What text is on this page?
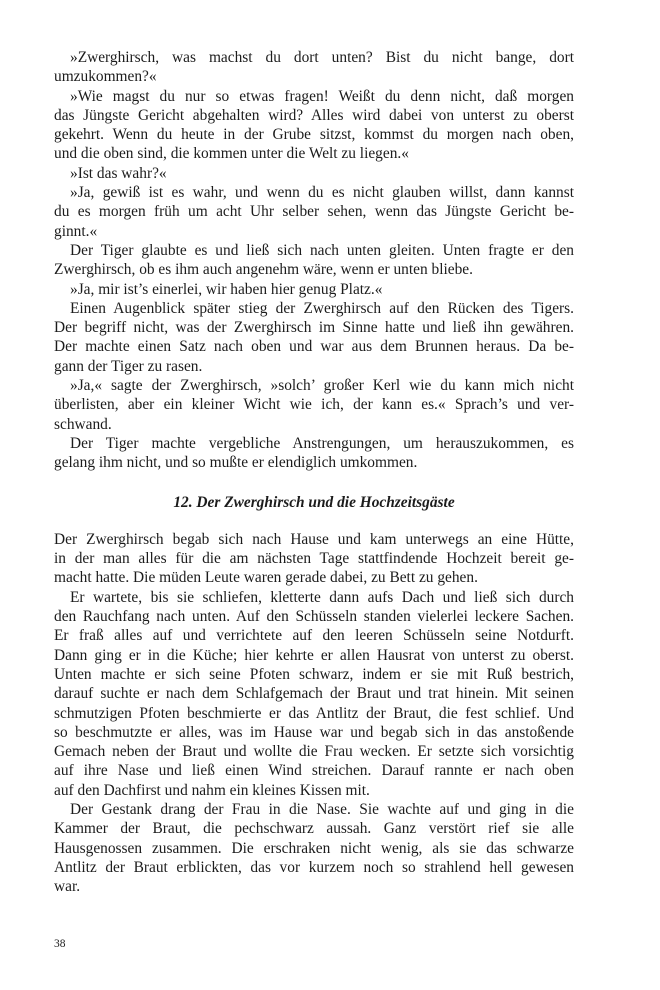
»Zwerghirsch, was machst du dort unten? Bist du nicht bange, dort
umzukommen?«
»Wie magst du nur so etwas fragen! Weißt du denn nicht, daß morgen
das Jüngste Gericht abgehalten wird? Alles wird dabei von unterst zu oberst
gekehrt. Wenn du heute in der Grube sitzst, kommst du morgen nach oben,
und die oben sind, die kommen unter die Welt zu liegen.«
»Ist das wahr?«
»Ja, gewiß ist es wahr, und wenn du es nicht glauben willst, dann kannst
du es morgen früh um acht Uhr selber sehen, wenn das Jüngste Gericht be-
ginnt.«
Der Tiger glaubte es und ließ sich nach unten gleiten. Unten fragte er den
Zwerghirsch, ob es ihm auch angenehm wäre, wenn er unten bliebe.
»Ja, mir ist’s einerlei, wir haben hier genug Platz.«
Einen Augenblick später stieg der Zwerghirsch auf den Rücken des Tigers.
Der begriff nicht, was der Zwerghirsch im Sinne hatte und ließ ihn gewähren.
Der machte einen Satz nach oben und war aus dem Brunnen heraus. Da be-
gann der Tiger zu rasen.
»Ja,« sagte der Zwerghirsch, »solch’ großer Kerl wie du kann mich nicht
überlisten, aber ein kleiner Wicht wie ich, der kann es.« Sprach’s und ver-
schwand.
Der Tiger machte vergebliche Anstrengungen, um herauszukommen, es
gelang ihm nicht, und so mußte er elendiglich umkommen.
12. Der Zwerghirsch und die Hochzeitsgäste
Der Zwerghirsch begab sich nach Hause und kam unterwegs an eine Hütte,
in der man alles für die am nächsten Tage stattfindende Hochzeit bereit ge-
macht hatte. Die müden Leute waren gerade dabei, zu Bett zu gehen.
Er wartete, bis sie schliefen, kletterte dann aufs Dach und ließ sich durch
den Rauchfang nach unten. Auf den Schüsseln standen vielerlei leckere Sachen.
Er fraß alles auf und verrichtete auf den leeren Schüsseln seine Notdurft.
Dann ging er in die Küche; hier kehrte er allen Hausrat von unterst zu oberst.
Unten machte er sich seine Pfoten schwarz, indem er sie mit Ruß bestrich,
darauf suchte er nach dem Schlafgemach der Braut und trat hinein. Mit seinen
schmutzigen Pfoten beschmierte er das Antlitz der Braut, die fest schlief. Und
so beschmutzte er alles, was im Hause war und begab sich in das anstoßende
Gemach neben der Braut und wollte die Frau wecken. Er setzte sich vorsichtig
auf ihre Nase und ließ einen Wind streichen. Darauf rannte er nach oben
auf den Dachfirst und nahm ein kleines Kissen mit.
Der Gestank drang der Frau in die Nase. Sie wachte auf und ging in die
Kammer der Braut, die pechschwarz aussah. Ganz verstört rief sie alle
Hausgenossen zusammen. Die erschraken nicht wenig, als sie das schwarze
Antlitz der Braut erblickten, das vor kurzem noch so strahlend hell gewesen
war.
38
